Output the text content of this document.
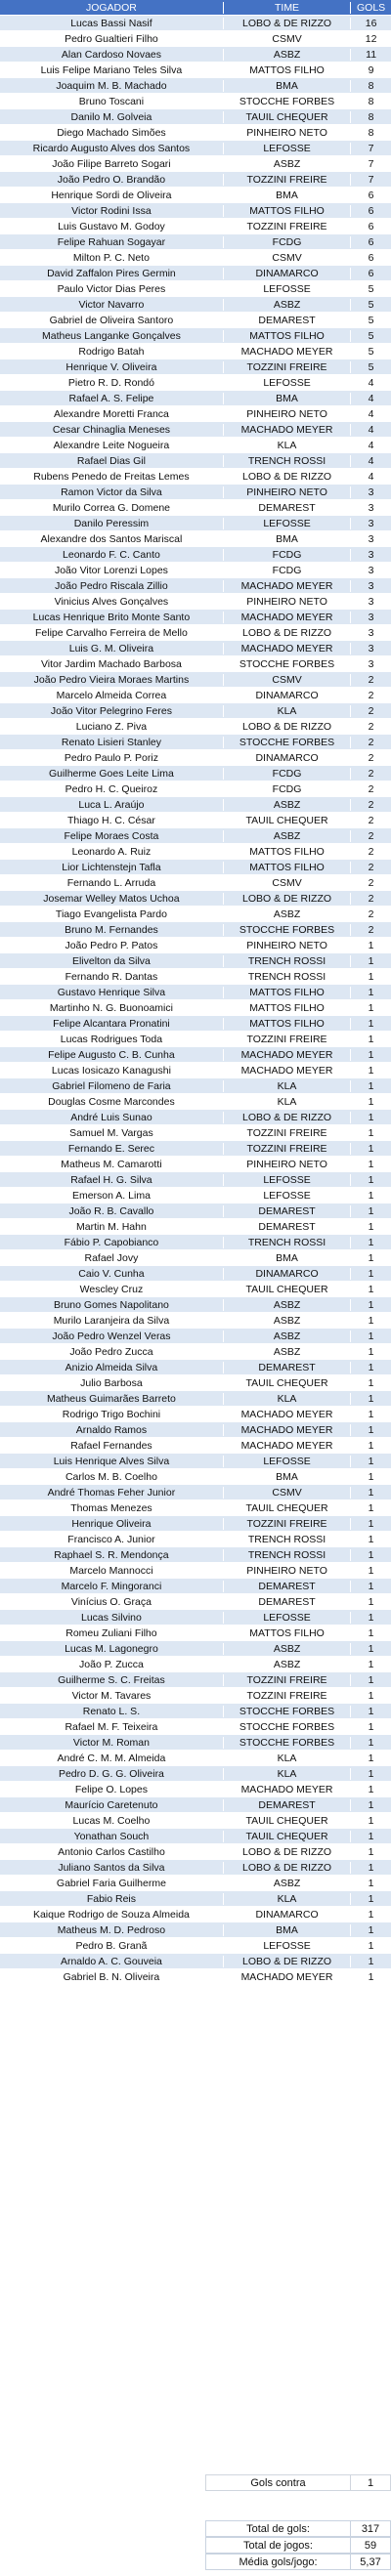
JOGADOR	TIME	GOLS
Lucas Bassi Nasif	LOBO & DE RIZZO	16
Pedro Gualtieri Filho	CSMV	12
Alan Cardoso Novaes	ASBZ	11
Luis Felipe Mariano Teles Silva	MATTOS FILHO	9
Joaquim M. B. Machado	BMA	8
Bruno Toscani	STOCCHE FORBES	8
Danilo M. Golveia	TAUIL CHEQUER	8
Diego Machado Simões	PINHEIRO NETO	8
Ricardo Augusto Alves dos Santos	LEFOSSE	7
João Filipe Barreto Sogari	ASBZ	7
João Pedro O. Brandão	TOZZINI FREIRE	7
Henrique Sordi de Oliveira	BMA	6
Victor Rodini Issa	MATTOS FILHO	6
Luis Gustavo M. Godoy	TOZZINI FREIRE	6
Felipe Rahuan Sogayar	FCDG	6
Milton P. C. Neto	CSMV	6
David Zaffalon Pires Germin	DINAMARCO	6
Paulo Victor Dias Peres	LEFOSSE	5
Victor Navarro	ASBZ	5
Gabriel de Oliveira Santoro	DEMAREST	5
Matheus Langanke Gonçalves	MATTOS FILHO	5
Rodrigo Batah	MACHADO MEYER	5
Henrique V. Oliveira	TOZZINI FREIRE	5
Pietro R. D. Rondó	LEFOSSE	4
Rafael A. S. Felipe	BMA	4
Alexandre Moretti Franca	PINHEIRO NETO	4
Cesar Chinaglia Meneses	MACHADO MEYER	4
Alexandre Leite Nogueira	KLA	4
Rafael Dias Gil	TRENCH ROSSI	4
Rubens Penedo de Freitas Lemes	LOBO & DE RIZZO	4
Ramon Victor da Silva	PINHEIRO NETO	3
Murilo Correa G. Domene	DEMAREST	3
Danilo Peressim	LEFOSSE	3
Alexandre dos Santos Mariscal	BMA	3
Leonardo F. C. Canto	FCDG	3
João Vitor Lorenzi Lopes	FCDG	3
João Pedro Riscala Zillio	MACHADO MEYER	3
Vinicius Alves Gonçalves	PINHEIRO NETO	3
Lucas Henrique Brito Monte Santo	MACHADO MEYER	3
Felipe Carvalho Ferreira de Mello	LOBO & DE RIZZO	3
Luis G. M. Oliveira	MACHADO MEYER	3
Vitor Jardim Machado Barbosa	STOCCHE FORBES	3
João Pedro Vieira Moraes Martins	CSMV	2
Marcelo Almeida Correa	DINAMARCO	2
João Vitor Pelegrino Feres	KLA	2
Luciano Z. Piva	LOBO & DE RIZZO	2
Renato Lisieri Stanley	STOCCHE FORBES	2
Pedro Paulo P. Poriz	DINAMARCO	2
Guilherme Goes Leite Lima	FCDG	2
Pedro H. C. Queiroz	FCDG	2
Luca L. Araújo	ASBZ	2
Thiago H. C. César	TAUIL CHEQUER	2
Felipe Moraes Costa	ASBZ	2
Leonardo A. Ruiz	MATTOS FILHO	2
Lior Lichtenstejn Tafla	MATTOS FILHO	2
Fernando L. Arruda	CSMV	2
Josemar Welley Matos Uchoa	LOBO & DE RIZZO	2
Tiago Evangelista Pardo	ASBZ	2
Bruno M. Fernandes	STOCCHE FORBES	2
João Pedro P. Patos	PINHEIRO NETO	1
Elivelton da Silva	TRENCH ROSSI	1
Fernando R. Dantas	TRENCH ROSSI	1
Gustavo Henrique Silva	MATTOS FILHO	1
Martinho N. G. Buonoamici	MATTOS FILHO	1
Felipe Alcantara Pronatini	MATTOS FILHO	1
Lucas Rodrigues Toda	TOZZINI FREIRE	1
Felipe Augusto C. B. Cunha	MACHADO MEYER	1
Lucas Iosicazo Kanagushi	MACHADO MEYER	1
Gabriel Filomeno de Faria	KLA	1
Douglas Cosme Marcondes	KLA	1
André Luis Sunao	LOBO & DE RIZZO	1
Samuel M. Vargas	TOZZINI FREIRE	1
Fernando E. Serec	TOZZINI FREIRE	1
Matheus M. Camarotti	PINHEIRO NETO	1
Rafael H. G. Silva	LEFOSSE	1
Emerson A. Lima	LEFOSSE	1
João R. B. Cavallo	DEMAREST	1
Martin M. Hahn	DEMAREST	1
Fábio P. Capobianco	TRENCH ROSSI	1
Rafael Jovy	BMA	1
Caio V. Cunha	DINAMARCO	1
Wescley Cruz	TAUIL CHEQUER	1
Bruno Gomes Napolitano	ASBZ	1
Murilo Laranjeira da Silva	ASBZ	1
João Pedro Wenzel Veras	ASBZ	1
João Pedro Zucca	ASBZ	1
Anizio Almeida Silva	DEMAREST	1
Julio Barbosa	TAUIL CHEQUER	1
Matheus Guimarães Barreto	KLA	1
Rodrigo Trigo Bochini	MACHADO MEYER	1
Arnaldo Ramos	MACHADO MEYER	1
Rafael Fernandes	MACHADO MEYER	1
Luis Henrique Alves Silva	LEFOSSE	1
Carlos M. B. Coelho	BMA	1
André Thomas Feher Junior	CSMV	1
Thomas Menezes	TAUIL CHEQUER	1
Henrique Oliveira	TOZZINI FREIRE	1
Francisco A. Junior	TRENCH ROSSI	1
Raphael S. R. Mendonça	TRENCH ROSSI	1
Marcelo Mannocci	PINHEIRO NETO	1
Marcelo F. Mingoranci	DEMAREST	1
Vinícius O. Graça	DEMAREST	1
Lucas Silvino	LEFOSSE	1
Romeu Zuliani Filho	MATTOS FILHO	1
Lucas M. Lagonegro	ASBZ	1
João P. Zucca	ASBZ	1
Guilherme S. C. Freitas	TOZZINI FREIRE	1
Victor M. Tavares	TOZZINI FREIRE	1
Renato L. S.	STOCCHE FORBES	1
Rafael M. F. Teixeira	STOCCHE FORBES	1
Victor M. Roman	STOCCHE FORBES	1
André C. M. M. Almeida	KLA	1
Pedro D. G. G. Oliveira	KLA	1
Felipe O. Lopes	MACHADO MEYER	1
Maurício Caretenuto	DEMAREST	1
Lucas M. Coelho	TAUIL CHEQUER	1
Yonathan Souch	TAUIL CHEQUER	1
Antonio Carlos Castilho	LOBO & DE RIZZO	1
Juliano Santos da Silva	LOBO & DE RIZZO	1
Gabriel Faria Guilherme	ASBZ	1
Fabio Reis	KLA	1
Kaique Rodrigo de Souza Almeida	DINAMARCO	1
Matheus M. D. Pedroso	BMA	1
Pedro B. Granã	LEFOSSE	1
Arnaldo A. C. Gouveia	LOBO & DE RIZZO	1
Gabriel B. N. Oliveira	MACHADO MEYER	1
Gols contra	1
Total de gols:	317
Total de jogos:	59
Média gols/jogo:	5,37
